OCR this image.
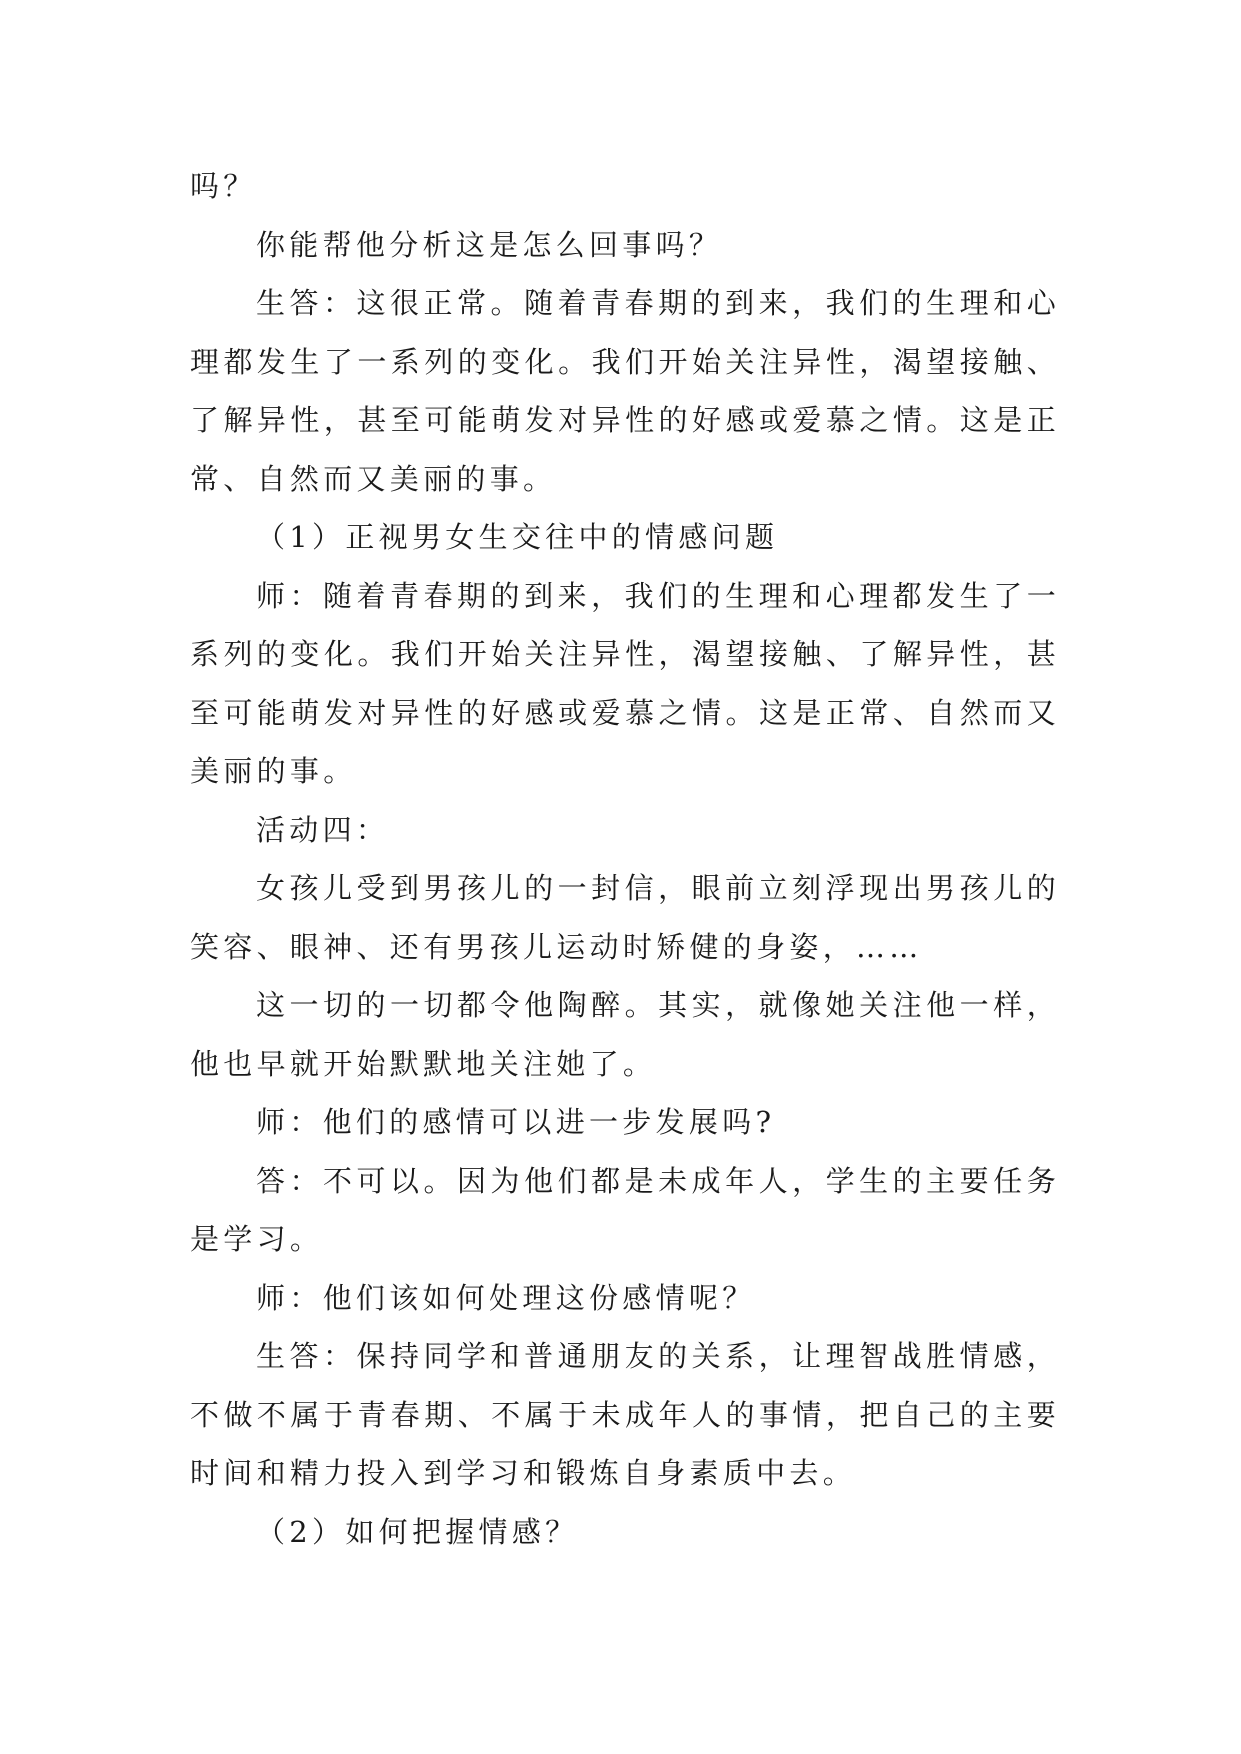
吗？

你能帮他分析这是怎么回事吗？

生答：这很正常。随着青春期的到来，我们的生理和心理都发生了一系列的变化。我们开始关注异性，渴望接触、了解异性，甚至可能萌发对异性的好感或爱慕之情。这是正常、自然而又美丽的事。

（1）正视男女生交往中的情感问题

师：随着青春期的到来，我们的生理和心理都发生了一系列的变化。我们开始关注异性，渴望接触、了解异性，甚至可能萌发对异性的好感或爱慕之情。这是正常、自然而又美丽的事。

活动四：

女孩儿受到男孩儿的一封信，眼前立刻浮现出男孩儿的笑容、眼神、还有男孩儿运动时矫健的身姿，……

这一切的一切都令他陶醉。其实，就像她关注他一样，他也早就开始默默地关注她了。

师：他们的感情可以进一步发展吗?

答：不可以。因为他们都是未成年人，学生的主要任务是学习。

师：他们该如何处理这份感情呢？

生答：保持同学和普通朋友的关系，让理智战胜情感，不做不属于青春期、不属于未成年人的事情，把自己的主要时间和精力投入到学习和锻炼自身素质中去。

（2）如何把握情感？
